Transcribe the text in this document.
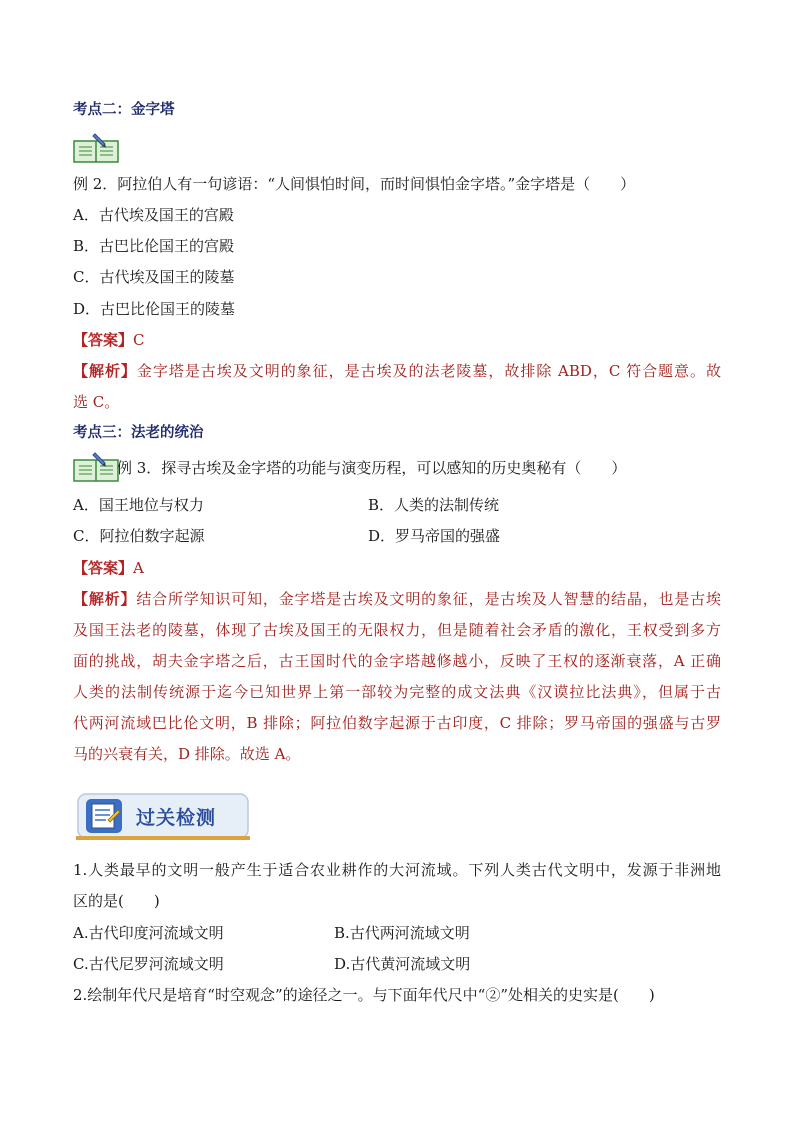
考点二：金字塔
例 2．阿拉伯人有一句谚语：“人间惧怕时间，而时间惧怕金字塔。”金字塔是（　　）
A．古代埃及国王的宫殿
B．古巴比伦国王的宫殿
C．古代埃及国王的陵墓
D．古巴比伦国王的陵墓
【答案】C
【解析】金字塔是古埃及文明的象征，是古埃及的法老陵墓，故排除 ABD，C 符合题意。故
选 C。
考点三：法老的统治
例 3．探寻古埃及金字塔的功能与演变历程，可以感知的历史奥秘有（　　）
A．国王地位与权力	B．人类的法制传统
C．阿拉伯数字起源	D．罗马帝国的强盛
【答案】A
【解析】结合所学知识可知，金字塔是古埃及文明的象征，是古埃及人智慧的结晶，也是古埃
及国王法老的陵墓，体现了古埃及国王的无限权力，但是随着社会矛盾的激化，王权受到多方
面的挑战，胡夫金字塔之后，古王国时代的金字塔越修越小，反映了王权的逐渐衰落，A 正确
人类的法制传统源于迄今已知世界上第一部较为完整的成文法典《汉谟拉比法典》，但属于古
代两河流域巴比伦文明，B 排除；阿拉伯数字起源于古印度，C 排除；罗马帝国的强盛与古罗
马的兴衰有关，D 排除。故选 A。
过关检测
1.人类最早的文明一般产生于适合农业耕作的大河流域。下列人类古代文明中，发源于非洲地
区的是(　　)
A.古代印度河流域文明	B.古代两河流域文明
C.古代尼罗河流域文明	D.古代黄河流域文明
2.绘制年代尺是培育“时空观念”的途径之一。与下面年代尺中“②”处相关的史实是(　　)
